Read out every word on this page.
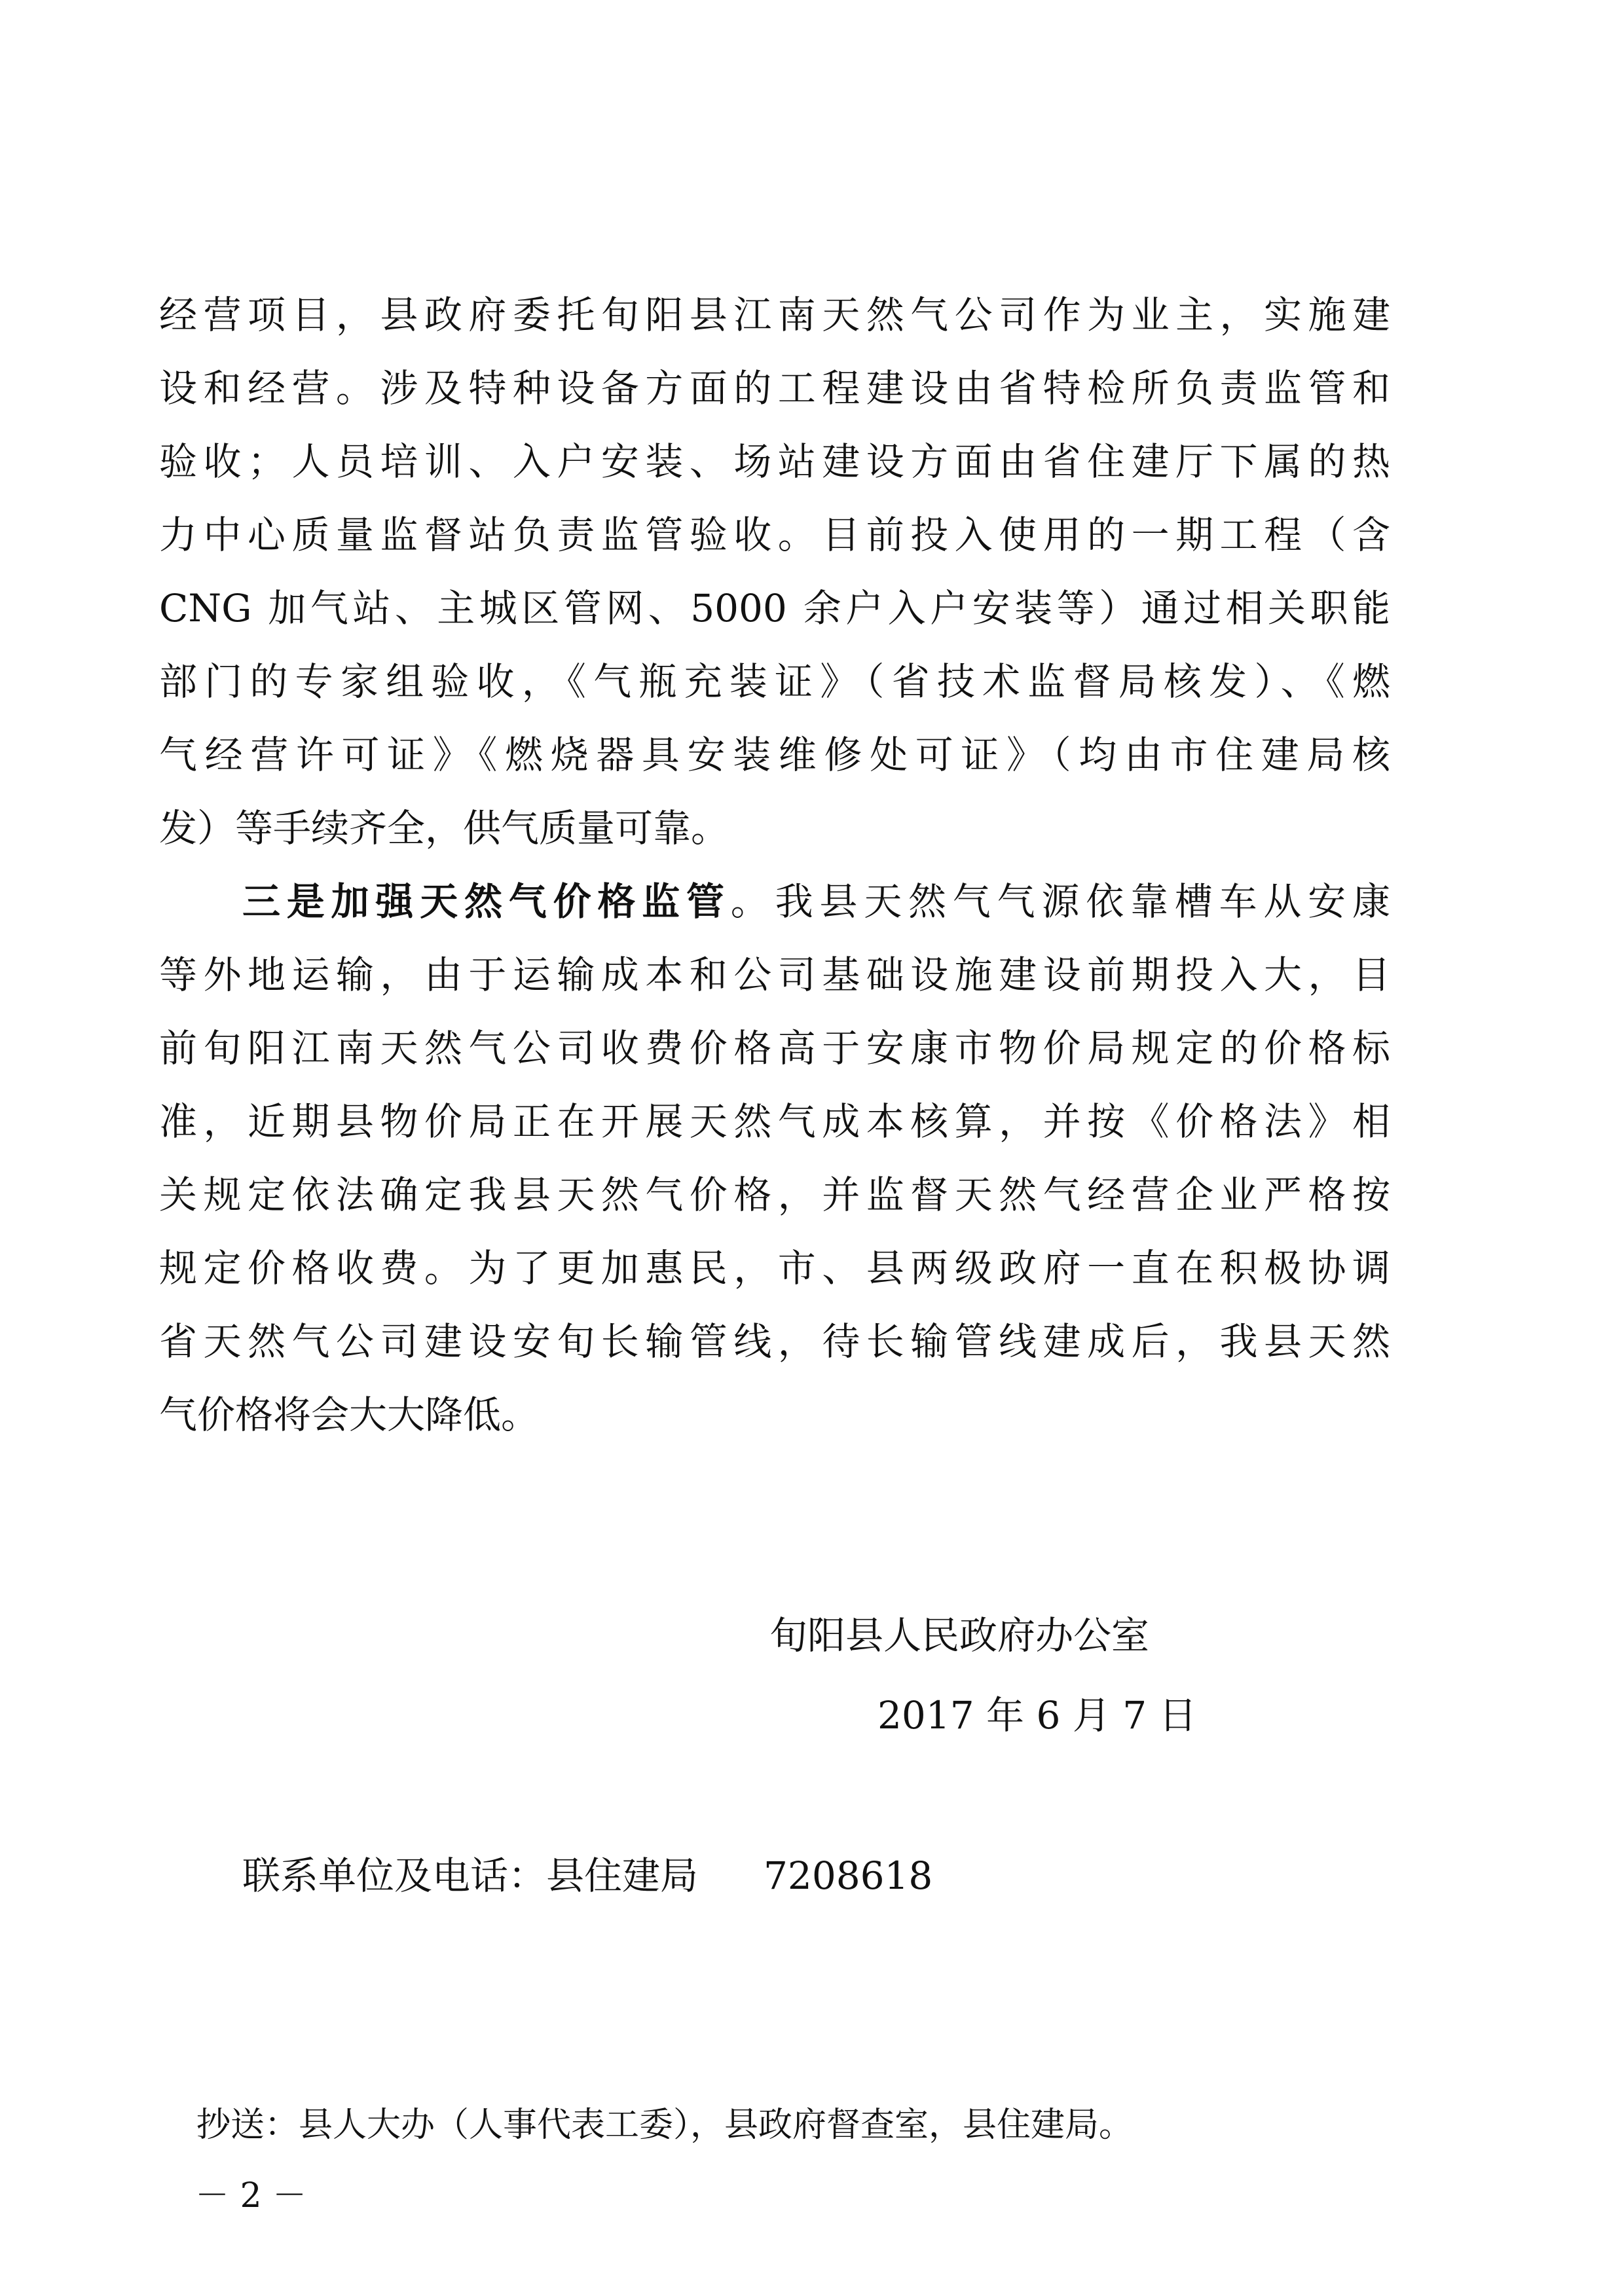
经营项目，县政府委托旬阳县江南天然气公司作为业主，实施建

设和经营。涉及特种设备方面的工程建设由省特检所负责监管和

验收；人员培训、入户安装、场站建设方面由省住建厅下属的热

力中心质量监督站负责监管验收。目前投入使用的一期工程（含

CNG 加气站、主城区管网、5000 余户入户安装等）通过相关职能

部门的专家组验收，《气瓶充装证》（省技术监督局核发）、《燃

气经营许可证》《燃烧器具安装维修处可证》（均由市住建局核

发）等手续齐全，供气质量可靠。

三是加强天然气价格监管。我县天然气气源依靠槽车从安康

等外地运输，由于运输成本和公司基础设施建设前期投入大，目

前旬阳江南天然气公司收费价格高于安康市物价局规定的价格标

准，近期县物价局正在开展天然气成本核算，并按《价格法》相

关规定依法确定我县天然气价格，并监督天然气经营企业严格按

规定价格收费。为了更加惠民，市、县两级政府一直在积极协调

省天然气公司建设安旬长输管线，待长输管线建成后，我县天然

气价格将会大大降低。

旬阳县人民政府办公室

2017 年 6 月 7 日

联系单位及电话：县住建局 7208618

抄送：县人大办（人事代表工委），县政府督查室，县住建局。

－ 2 －
